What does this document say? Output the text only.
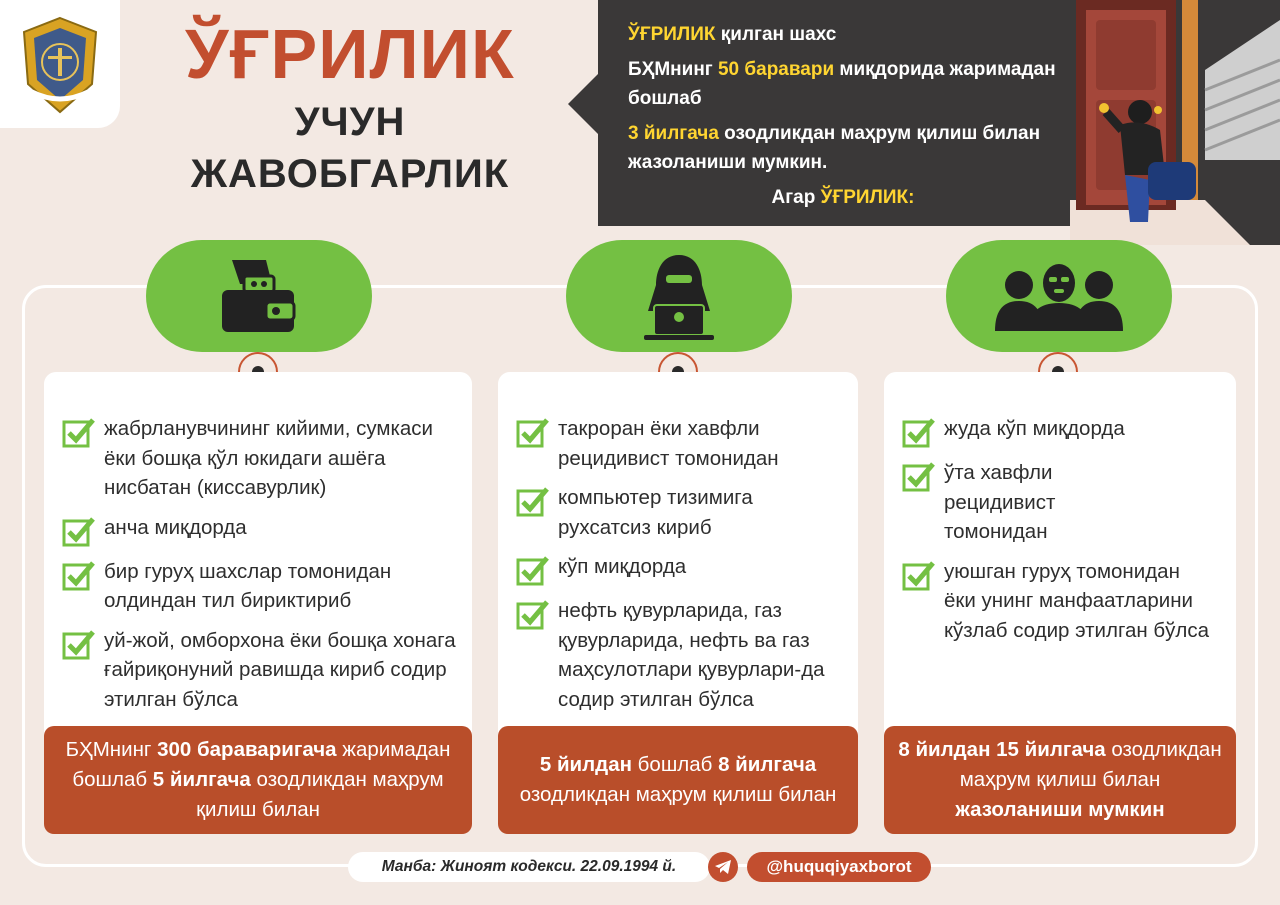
ЎҒРИЛИК
УЧУН
ЖАВОБГАРЛИК

ЎҒРИЛИК қилган шахс

БҲМнинг 50 баравари миқдорида жаримадан бошлаб

3 йилгача озодликдан маҳрум қилиш билан жазоланиши мумкин.

Агар ЎҒРИЛИК:

жабрланувчининг кийими, сумкаси ёки бошқа қўл юкидаги ашёга нисбатан (киссавурлик)
анча миқдорда
бир гуруҳ шахслар томонидан олдиндан тил бириктириб
уй-жой, омборхона ёки бошқа хонага ғайриқонуний равишда кириб содир этилган бўлса
БҲМнинг 300 бараваригача жаримадан бошлаб 5 йилгача озодликдан маҳрум қилиш билан
такроран ёки хавфли рецидивист томонидан
компьютер тизимига рухсатсиз кириб
кўп миқдорда
нефть қувурларида, газ қувурларида, нефть ва газ маҳсулотлари қувурлари-да содир этилган бўлса
5 йилдан бошлаб 8 йилгача озодликдан маҳрум қилиш билан
жуда кўп миқдорда
ўта хавфли рецидивист томонидан
уюшган гуруҳ томонидан ёки унинг манфаатларини кўзлаб содир этилган бўлса
8 йилдан 15 йилгача озодликдан маҳрум қилиш билан жазоланиши мумкин
Манба: Жиноят кодекси. 22.09.1994 й.	@huquqiyaxborot
